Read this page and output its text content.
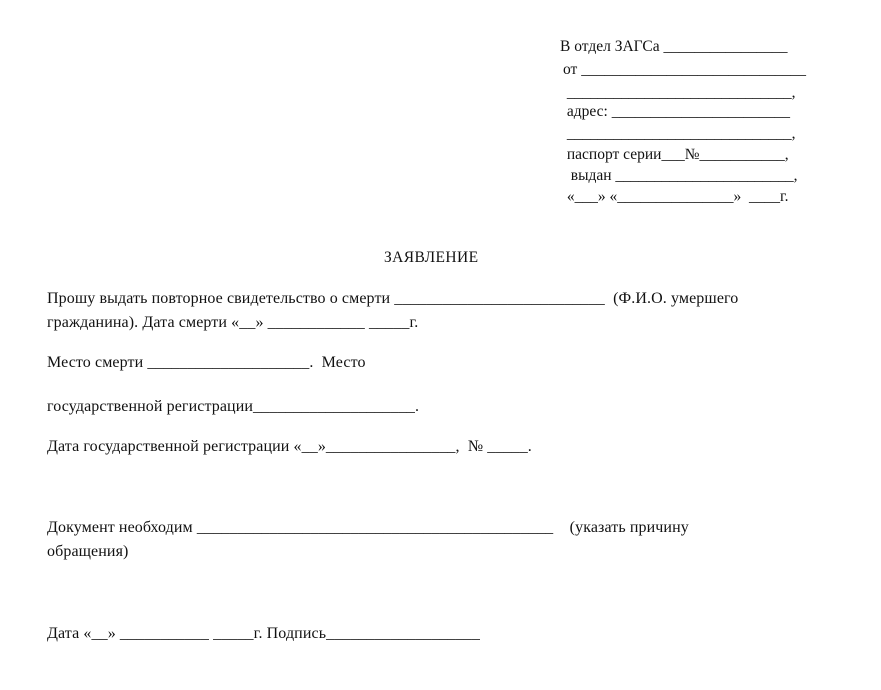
В отдел ЗАГСа ________________
от _____________________________
_____________________________,
адрес: _______________________
_____________________________,
паспорт серии___№___________,
выдан _______________________,
«___» «_______________»  ____г.
ЗАЯВЛЕНИЕ
Прошу выдать повторное свидетельство о смерти __________________________  (Ф.И.О. умершего
гражданина). Дата смерти «__» ____________ _____г.
Место смерти ____________________.  Место
государственной регистрации____________________.
Дата государственной регистрации «__»________________,  № _____.
Документ необходим ____________________________________________    (указать причину
обращения)
Дата «__» ___________ _____г. Подпись___________________
